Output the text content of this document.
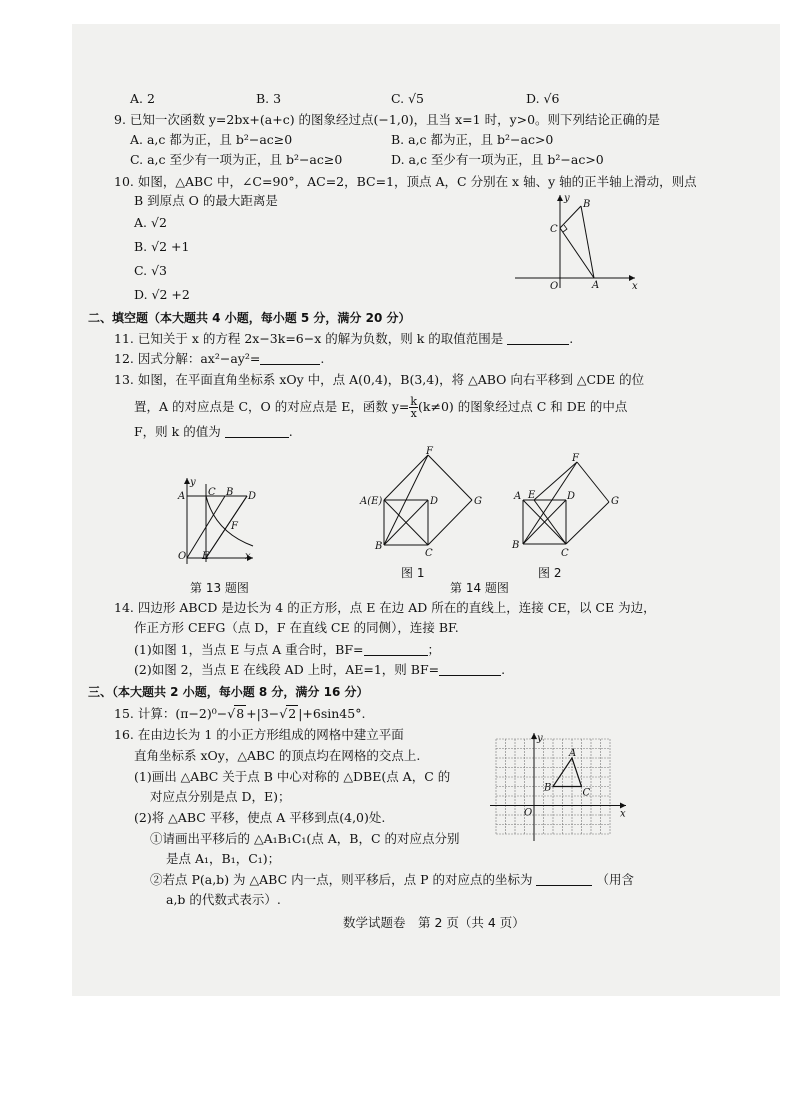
A. 2	B. 3	C. √5	D. √6
9. 已知一次函数 y=2bx+(a+c) 的图象经过点(−1,0)，且当 x=1 时，y>0。则下列结论正确的是
A. a,c 都为正，且 b²−ac≥0	B. a,c 都为正，且 b²−ac>0
C. a,c 至少有一项为正，且 b²−ac≥0	D. a,c 至少有一项为正，且 b²−ac>0
10. 如图，△ABC 中，∠C=90°，AC=2，BC=1，顶点 A，C 分别在 x 轴、y 轴的正半轴上滑动，则点
B 到原点 O 的最大距离是
A. √2
B. √2 +1
C. √3
D. √2 +2
y
B
C
O	A	x
二、填空题（本大题共 4 小题，每小题 5 分，满分 20 分）
11. 已知关于 x 的方程 2x−3k=6−x 的解为负数，则 k 的取值范围是	.
12. 因式分解：ax²−ay²=	.
13. 如图，在平面直角坐标系 xOy 中，点 A(0,4)，B(3,4)，将 △ABO 向右平移到 △CDE 的位
置，A 的对应点是 C，O 的对应点是 E，函数 $y= \frac{k}{x} (k\ne 0)$ 的图象经过点 C 和 DE 的中点
F，则 k 的值为	.
y
A C B D
F
O E	x
F
A(E)	D	G
B
C
F
A E	D	G
B
C
第 13 题图
图 1
第 14 题图
图 2
14. 四边形 ABCD 是边长为 4 的正方形，点 E 在边 AD 所在的直线上，连接 CE，以 CE 为边，
作正方形 CEFG（点 D，F 在直线 CE 的同侧），连接 BF.
(1)如图 1，当点 E 与点 A 重合时，BF=	；
(2)如图 2，当点 E 在线段 AD 上时，AE=1，则 BF=	.
三、（本大题共 2 小题，每小题 8 分，满分 16 分）
15. 计算：(π−2)⁰− √ 8 +|3− √ 2 |+6sin45°.
16. 在由边长为 1 的小正方形组成的网格中建立平面
直角坐标系 xOy，△ABC 的顶点均在网格的交点上.
(1)画出 △ABC 关于点 B 中心对称的 △DBE(点 A，C 的
对应点分别是点 D，E)；
(2)将 △ABC 平移，使点 A 平移到点(4,0)处.
①请画出平移后的 △A₁B₁C₁(点 A，B，C 的对应点分别
是点 A₁，B₁，C₁)；
②若点 P(a,b) 为 △ABC 内一点，则平移后，点 P 的对应点的坐标为	（用含
a,b 的代数式表示）.
y
A
B	C
O	x
数学试题卷　第 2 页（共 4 页）
